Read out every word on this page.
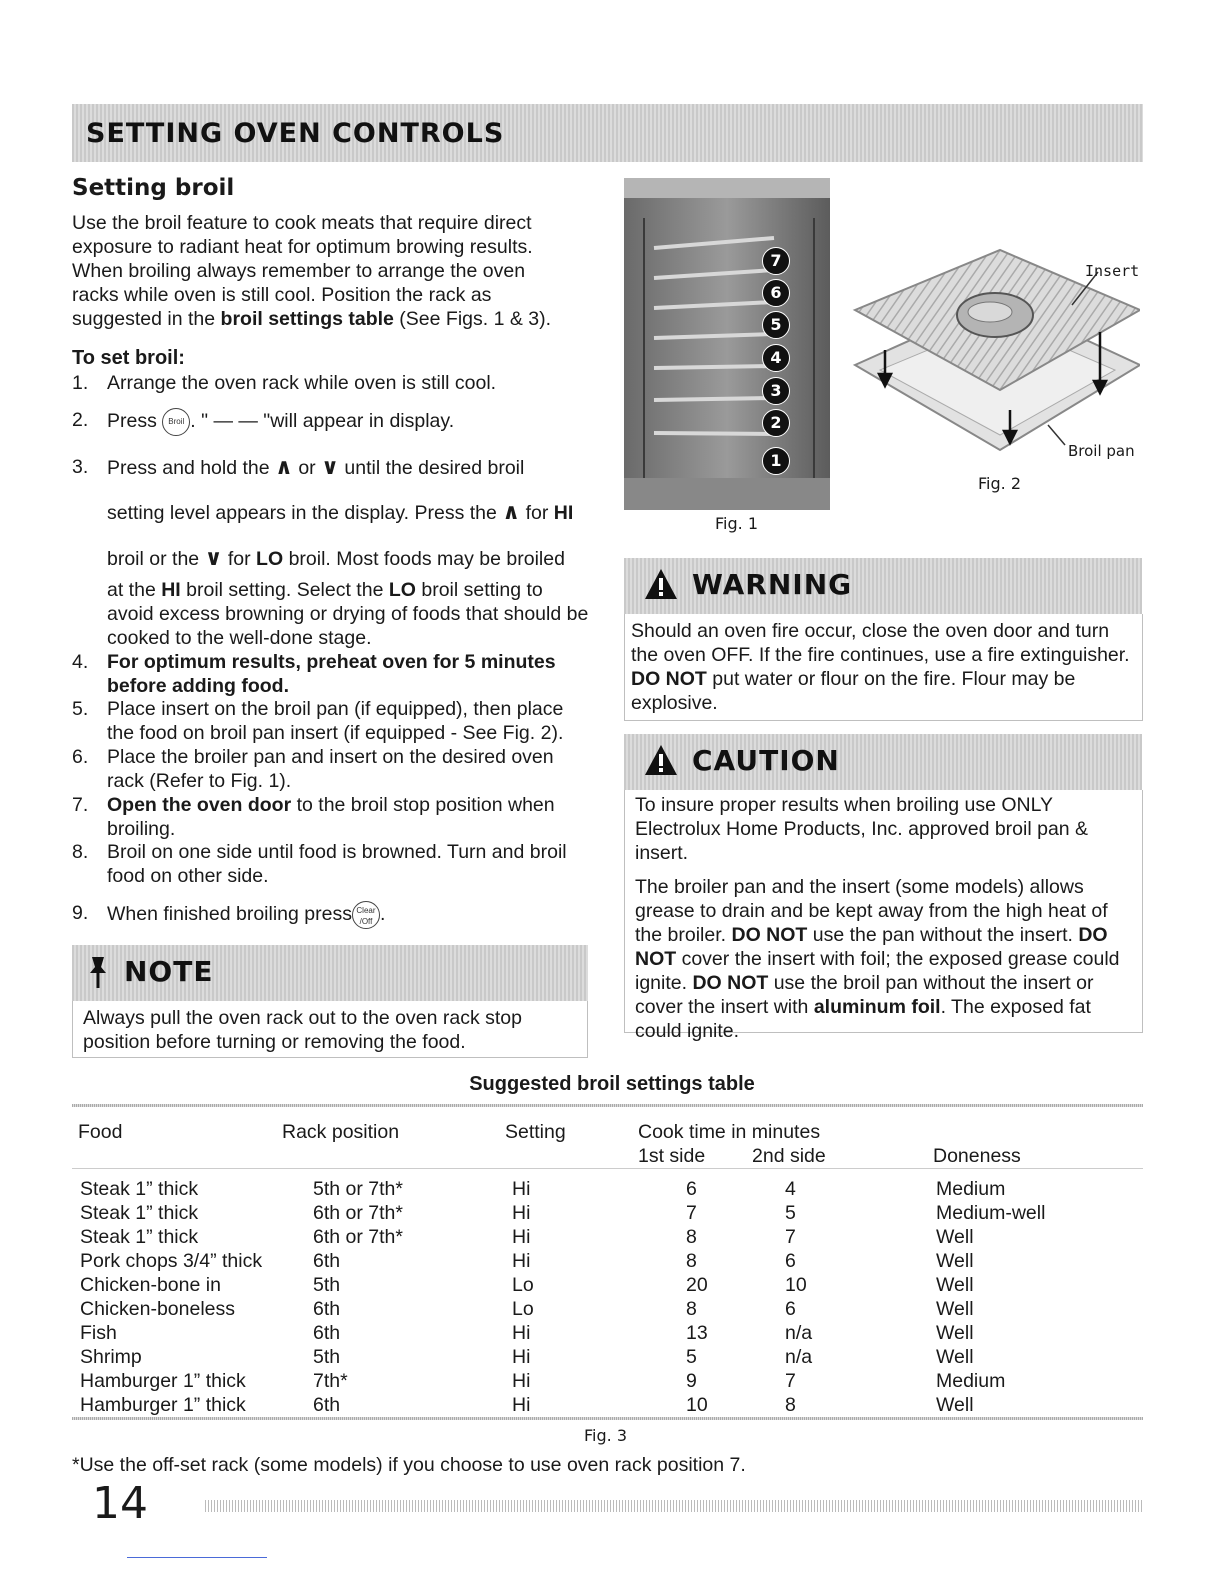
SETTING OVEN CONTROLS
Setting broil

Use the broil feature to cook meats that require direct exposure to radiant heat for optimum browing results. When broiling always remember to arrange the oven racks while oven is still cool. Position the rack as suggested in the broil settings table (See Figs. 1 & 3).

To set broil:
1. Arrange the oven rack while oven is still cool.
2. Press Broil . " — — "will appear in display.
3. Press and hold the ∧ or ∨ until the desired broil
setting level appears in the display. Press the ∧ for HI
broil or the ∨ for LO broil. Most foods may be broiled
at the HI broil setting. Select the LO broil setting to
avoid excess browning or drying of foods that should be cooked to the well-done stage.
4. For optimum results, preheat oven for 5 minutes before adding food.
5. Place insert on the broil pan (if equipped), then place the food on broil pan insert (if equipped - See Fig. 2).
6. Place the broiler pan and insert on the desired oven rack (Refer to Fig. 1).
7. Open the oven door to the broil stop position when broiling.
8. Broil on one side until food is browned. Turn and broil food on other side.
9. When finished broiling press Clear
/Off .
NOTE

Always pull the oven rack out to the oven rack stop position before turning or removing the food.

7
6
5
4
3
2
1
Fig. 1
Insert
Broil pan
Fig. 2
WARNING

Should an oven fire occur, close the oven door and turn the oven OFF. If the fire continues, use a fire extinguisher. DO NOT put water or flour on the fire. Flour may be explosive.

CAUTION

To insure proper results when broiling use ONLY Electrolux Home Products, Inc. approved broil pan & insert.

The broiler pan and the insert (some models) allows grease to drain and be kept away from the high heat of the broiler. DO NOT use the pan without the insert. DO NOT cover the insert with foil; the exposed grease could ignite. DO NOT use the broil pan without the insert or cover the insert with aluminum foil. The exposed fat could ignite.

Suggested broil settings table
Food	Rack position	Setting	Cook time in minutes
1st side 2nd side	Doneness
Steak 1” thick	5th or 7th*	Hi	6	4	Medium
Steak 1” thick	6th or 7th*	Hi	7	5	Medium-well
Steak 1” thick	6th or 7th*	Hi	8	7	Well
Pork chops 3/4” thick	6th	Hi	8	6	Well
Chicken-bone in	5th	Lo	20	10	Well
Chicken-boneless	6th	Lo	8	6	Well
Fish	6th	Hi	13	n/a	Well
Shrimp	5th	Hi	5	n/a	Well
Hamburger 1” thick	7th*	Hi	9	7	Medium
Hamburger 1” thick	6th	Hi	10	8	Well
Fig. 3
*Use the off-set rack (some models) if you choose to use oven rack position 7.
14
